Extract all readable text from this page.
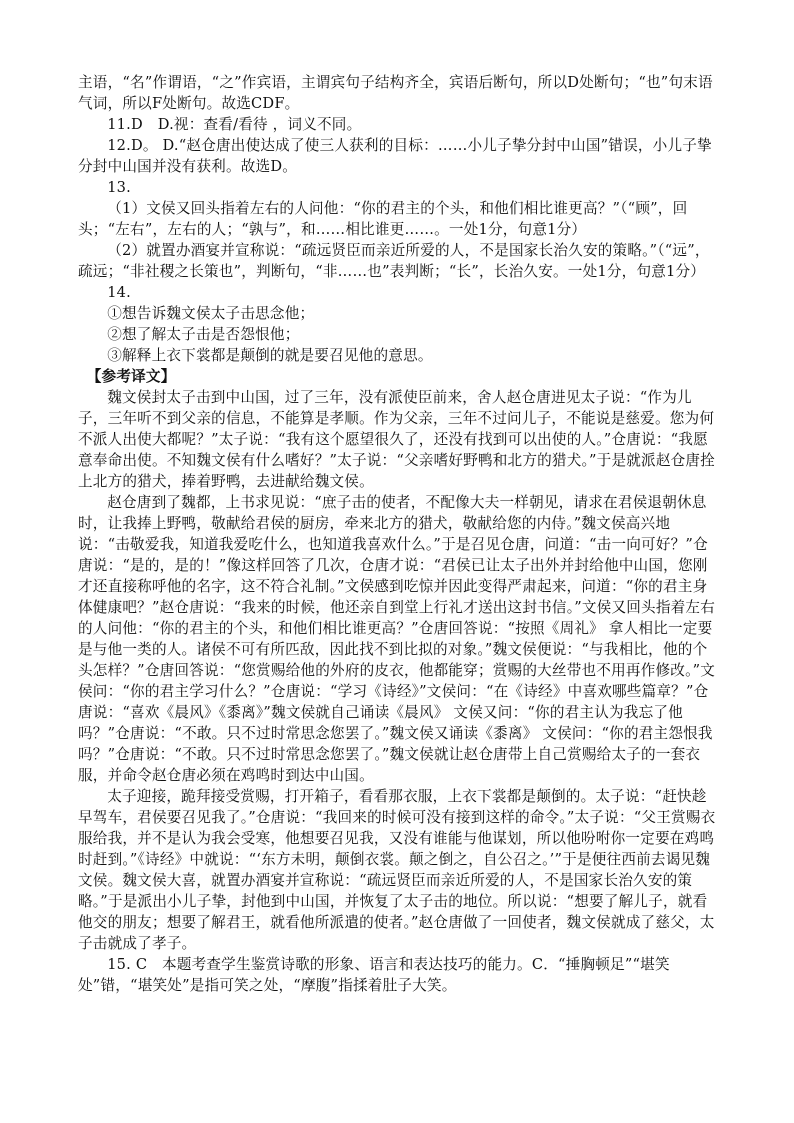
主语，“名”作谓语，“之”作宾语，主谓宾句子结构齐全，宾语后断句，所以D处断句；“也”句末语气词，所以F处断句。故选CDF。

11.D　D.视：查看/看待 ，词义不同。

12.D。 D.“赵仓唐出使达成了使三人获利的目标：……小儿子挚分封中山国”错误，小儿子挚分封中山国并没有获利。故选D。

13.

（1）文侯又回头指着左右的人问他：“你的君主的个头，和他们相比谁更高？”（“顾”，回头；“左右”，左右的人；“孰与”，和……相比谁更……。一处1分，句意1分）

（2）就置办酒宴并宣称说：“疏远贤臣而亲近所爱的人，不是国家长治久安的策略。”（“远”，疏远；“非社稷之长策也”，判断句，“非……也”表判断；“长”，长治久安。一处1分，句意1分）

14.

①想告诉魏文侯太子击思念他；

②想了解太子击是否怨恨他；

③解释上衣下裳都是颠倒的就是要召见他的意思。

【参考译文】

魏文侯封太子击到中山国，过了三年，没有派使臣前来，舍人赵仓唐进见太子说：“作为儿子，三年听不到父亲的信息，不能算是孝顺。作为父亲，三年不过问儿子，不能说是慈爱。您为何不派人出使大都呢？”太子说：“我有这个愿望很久了，还没有找到可以出使的人。”仓唐说：“我愿意奉命出使。不知魏文侯有什么嗜好？”太子说：“父亲嗜好野鸭和北方的猎犬。”于是就派赵仓唐拴上北方的猎犬，捧着野鸭，去进献给魏文侯。

赵仓唐到了魏都，上书求见说：“庶子击的使者，不配像大夫一样朝见，请求在君侯退朝休息时，让我捧上野鸭，敬献给君侯的厨房，牵来北方的猎犬，敬献给您的内侍。”魏文侯高兴地说：“击敬爱我，知道我爱吃什么，也知道我喜欢什么。”于是召见仓唐，问道：“击一向可好？”仓唐说：“是的，是的！”像这样回答了几次，仓唐才说：“君侯已让太子出外并封给他中山国，您刚才还直接称呼他的名字，这不符合礼制。”文侯感到吃惊并因此变得严肃起来，问道：“你的君主身体健康吧？”赵仓唐说：“我来的时候，他还亲自到堂上行礼才送出这封书信。”文侯又回头指着左右的人问他：“你的君主的个头，和他们相比谁更高？”仓唐回答说：“按照《周礼》 拿人相比一定要是与他一类的人。诸侯不可有所匹敌，因此找不到比拟的对象。”魏文侯便说：“与我相比，他的个头怎样？”仓唐回答说：“您赏赐给他的外府的皮衣，他都能穿；赏赐的大丝带也不用再作修改。”文侯问：“你的君主学习什么？”仓唐说：“学习《诗经》”文侯问：“在《诗经》中喜欢哪些篇章？”仓唐说：“喜欢《晨风》《黍离》”魏文侯就自己诵读《晨风》 文侯又问：“你的君主认为我忘了他吗？”仓唐说：“不敢。只不过时常思念您罢了。”魏文侯又诵读《黍离》 文侯问：“你的君主怨恨我吗？”仓唐说：“不敢。只不过时常思念您罢了。”魏文侯就让赵仓唐带上自己赏赐给太子的一套衣服，并命令赵仓唐必须在鸡鸣时到达中山国。

太子迎接，跪拜接受赏赐，打开箱子，看看那衣服，上衣下裳都是颠倒的。太子说：“赶快趁早驾车，君侯要召见我了。”仓唐说：“我回来的时候可没有接到这样的命令。”太子说：“父王赏赐衣服给我，并不是认为我会受寒，他想要召见我，又没有谁能与他谋划，所以他吩咐你一定要在鸡鸣时赶到。”《诗经》中就说：“‘东方未明，颠倒衣裳。颠之倒之，自公召之。’”于是便往西前去谒见魏文侯。魏文侯大喜，就置办酒宴并宣称说：“疏远贤臣而亲近所爱的人，不是国家长治久安的策略。”于是派出小儿子挚，封他到中山国，并恢复了太子击的地位。所以说：“想要了解儿子，就看他交的朋友；想要了解君王，就看他所派遣的使者。”赵仓唐做了一回使者，魏文侯就成了慈父，太子击就成了孝子。

15. C　本题考查学生鉴赏诗歌的形象、语言和表达技巧的能力。C．“捶胸顿足”“堪笑处”错，“堪笑处”是指可笑之处，“摩腹”指揉着肚子大笑。
